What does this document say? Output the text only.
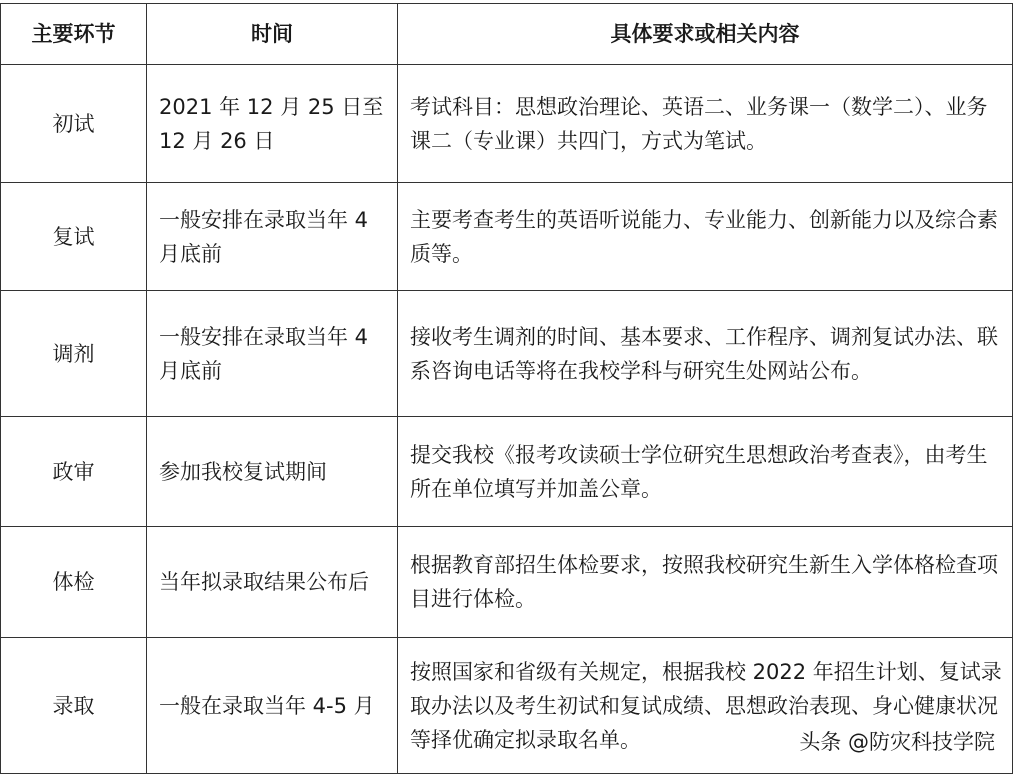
主要环节	时间	具体要求或相关内容
初试	2021 年 12 月 25 日至 12 月 26 日	考试科目：思想政治理论、英语二、业务课一（数学二）、业务课二（专业课）共四门，方式为笔试。

复试	一般安排在录取当年 4 月底前	主要考查考生的英语听说能力、专业能力、创新能力以及综合素质等。

调剂	一般安排在录取当年 4 月底前	接收考生调剂的时间、基本要求、工作程序、调剂复试办法、联系咨询电话等将在我校学科与研究生处网站公布。

政审	参加我校复试期间	提交我校《报考攻读硕士学位研究生思想政治考查表》，由考生所在单位填写并加盖公章。

体检	当年拟录取结果公布后	根据教育部招生体检要求，按照我校研究生新生入学体格检查项目进行体检。

录取	一般在录取当年 4-5 月	按照国家和省级有关规定，根据我校 2022 年招生计划、复试录取办法以及考生初试和复试成绩、思想政治表现、身心健康状况等择优确定拟录取名单。	头条 @防灾科技学院
